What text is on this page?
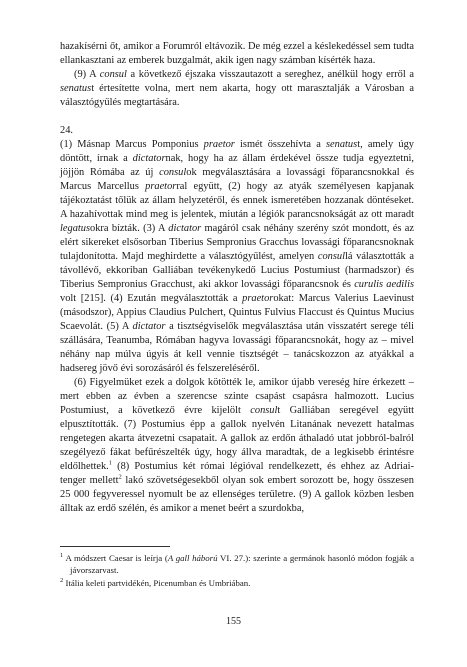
hazakísérni őt, amikor a Forumról eltávozik. De még ezzel a késlekedéssel sem tudta ellankasztani az emberek buzgalmát, akik igen nagy számban kísérték haza.

(9) A consul a következő éjszaka visszautazott a sereghez, anélkül hogy erről a senatust értesítette volna, mert nem akarta, hogy ott marasztalják a Városban a választógyűlés megtartására.

24.

(1) Másnap Marcus Pomponius praetor ismét összehívta a senatust, amely úgy döntött, írnak a dictatornak, hogy ha az állam érdekével össze tudja egyeztetni, jöjjön Rómába az új consulok megválasztására a lovassági főparancsnokkal és Marcus Marcellus praetorral együtt, (2) hogy az atyák személyesen kapjanak tájékoztatást tőlük az állam helyzetéről, és ennek ismeretében hozzanak döntéseket. A hazahívottak mind meg is jelentek, miután a légiók parancsnokságát az ott maradt legatusokra bízták. (3) A dictator magáról csak néhány szerény szót mondott, és az elért sikereket elsősorban Tiberius Sempronius Gracchus lovassági főparancsnoknak tulajdonította. Majd meghirdette a választógyűlést, amelyen consullá választották a távollévő, ekkoriban Galliában tevékenykedő Lucius Postumiust (harmadszor) és Tiberius Sempronius Gracchust, aki akkor lovassági főparancsnok és curulis aedilis volt [215]. (4) Ezután megválasztották a praetorokat: Marcus Valerius Laevinust (másodszor), Appius Claudius Pulchert, Quintus Fulvius Flaccust és Quintus Mucius Scaevolát. (5) A dictator a tisztségviselők megválasztása után visszatért serege téli szállására, Teanumba, Rómában hagyva lovassági főparancsnokát, hogy az – mivel néhány nap múlva úgyis át kell vennie tisztségét – tanácskozzon az atyákkal a hadsereg jövő évi sorozásáról és felszereléséről.

(6) Figyelmüket ezek a dolgok kötötték le, amikor újabb vereség híre érkezett – mert ebben az évben a szerencse szinte csapást csapásra halmozott. Lucius Postumiust, a következő évre kijelölt consult Galliában seregével együtt elpusztították. (7) Postumius épp a gallok nyelvén Litanának nevezett hatalmas rengetegen akarta átvezetni csapatait. A gallok az erdőn áthaladó utat jobbról-balról szegélyező fákat befűrészelték úgy, hogy állva maradtak, de a legkisebb érintésre eldőlhettek.$^1$ (8) Postumius két római légióval rendelkezett, és ehhez az Adriai-tenger mellett$^2$ lakó szövetségesekből olyan sok embert sorozott be, hogy összesen 25 000 fegyveressel nyomult be az ellenséges területre. (9) A gallok közben lesben álltak az erdő szélén, és amikor a menet beért a szurdokba,

$^1$ A módszert Caesar is leírja (A gall háború VI. 27.): szerinte a germánok hasonló módon fogják a jávorszarvast.

$^2$ Itália keleti partvidékén, Picenumban és Umbriában.

155
